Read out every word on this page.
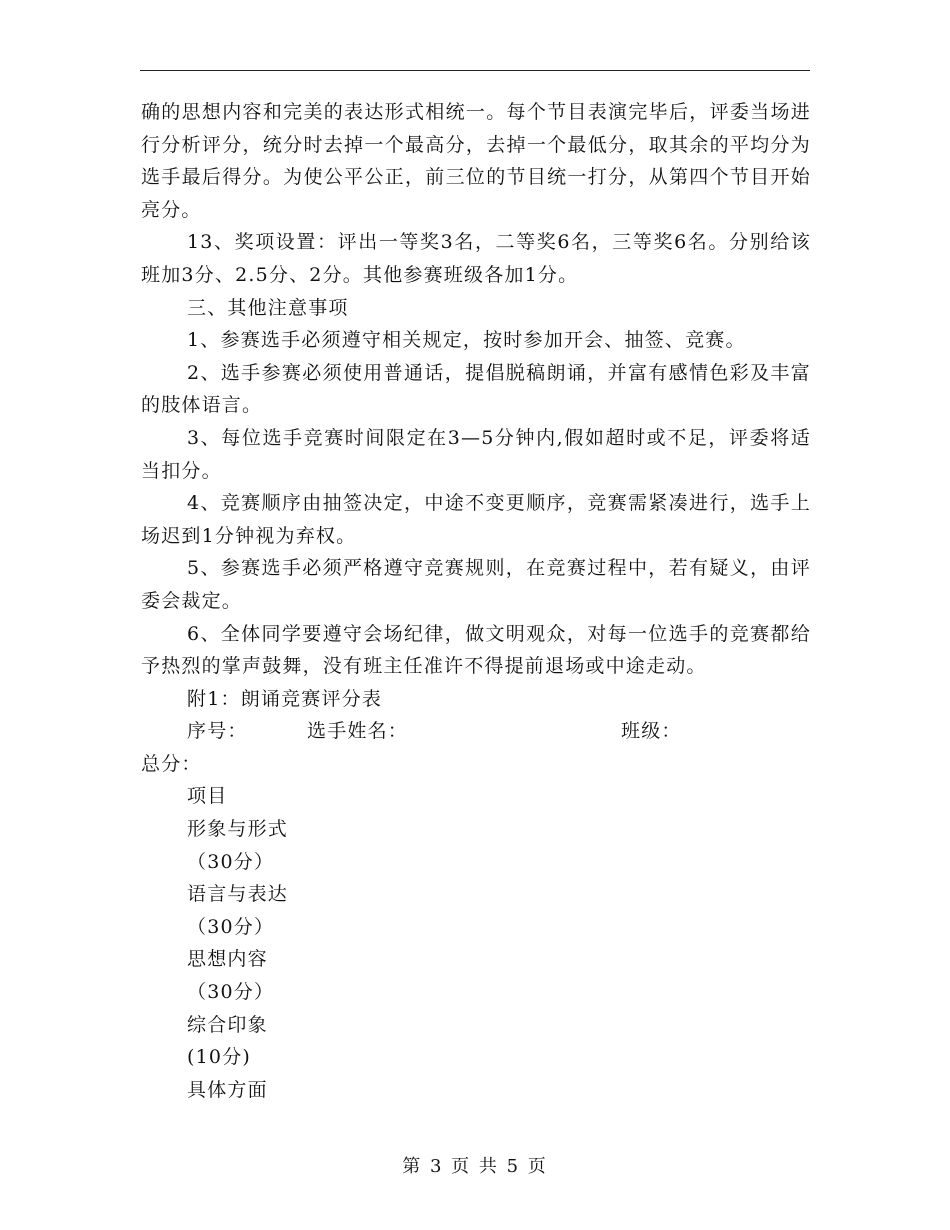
确的思想内容和完美的表达形式相统一。每个节目表演完毕后，评委当场进行分析评分，统分时去掉一个最高分，去掉一个最低分，取其余的平均分为选手最后得分。为使公平公正，前三位的节目统一打分，从第四个节目开始亮分。

13、奖项设置：评出一等奖3名，二等奖6名，三等奖6名。分别给该班加3分、2.5分、2分。其他参赛班级各加1分。

三、其他注意事项

1、参赛选手必须遵守相关规定，按时参加开会、抽签、竞赛。

2、选手参赛必须使用普通话，提倡脱稿朗诵，并富有感情色彩及丰富的肢体语言。

3、每位选手竞赛时间限定在3—5分钟内,假如超时或不足，评委将适当扣分。

4、竞赛顺序由抽签决定，中途不变更顺序，竞赛需紧凑进行，选手上场迟到1分钟视为弃权。

5、参赛选手必须严格遵守竞赛规则，在竞赛过程中，若有疑义，由评委会裁定。

6、全体同学要遵守会场纪律，做文明观众，对每一位选手的竞赛都给予热烈的掌声鼓舞，没有班主任准许不得提前退场或中途走动。

附1：朗诵竞赛评分表

序号：	选手姓名：	班级：

总分：

项目

形象与形式

（30分）

语言与表达

（30分）

思想内容

（30分）

综合印象

(10分)

具体方面

第 3 页 共 5 页
